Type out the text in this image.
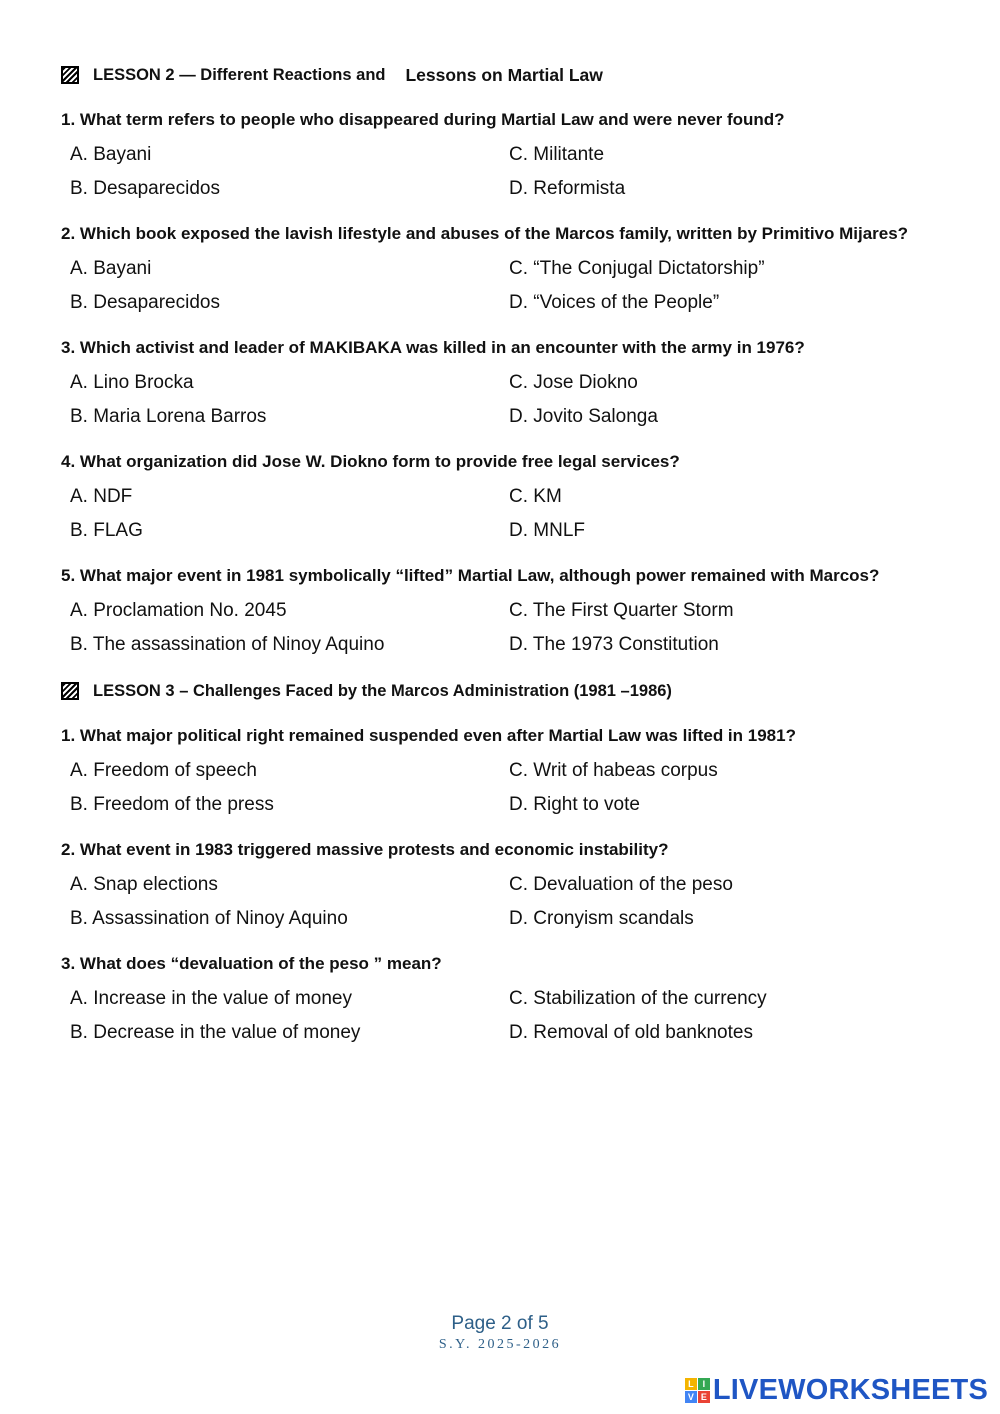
LESSON 2 — Different Reactions and Lessons on Martial Law

1. What term refers to people who disappeared during Martial Law and were never found?

A. Bayani	C. Militante
B. Desaparecidos	D. Reformista

2. Which book exposed the lavish lifestyle and abuses of the Marcos family, written by Primitivo Mijares?

A. Bayani	C. “The Conjugal Dictatorship”
B. Desaparecidos	D. “Voices of the People”

3. Which activist and leader of MAKIBAKA was killed in an encounter with the army in 1976?

A. Lino Brocka	C. Jose Diokno
B. Maria Lorena Barros	D. Jovito Salonga

4. What organization did Jose W. Diokno form to provide free legal services?

A. NDF	C. KM
B. FLAG	D. MNLF

5. What major event in 1981 symbolically “lifted” Martial Law, although power remained with Marcos?

A. Proclamation No. 2045	C. The First Quarter Storm
B. The assassination of Ninoy Aquino	D. The 1973 Constitution
LESSON 3 – Challenges Faced by the Marcos Administration (1981 –1986)

1. What major political right remained suspended even after Martial Law was lifted in 1981?

A. Freedom of speech	C. Writ of habeas corpus
B. Freedom of the press	D. Right to vote

2. What event in 1983 triggered massive protests and economic instability?

A. Snap elections	C. Devaluation of the peso
B. Assassination of Ninoy Aquino	D. Cronyism scandals

3. What does “devaluation of the peso ” mean?

A. Increase in the value of money	C. Stabilization of the currency
B. Decrease in the value of money	D. Removal of old banknotes
Page 2 of 5
S.Y. 2025-2026
L I
V E LIVEWORKSHEETS
